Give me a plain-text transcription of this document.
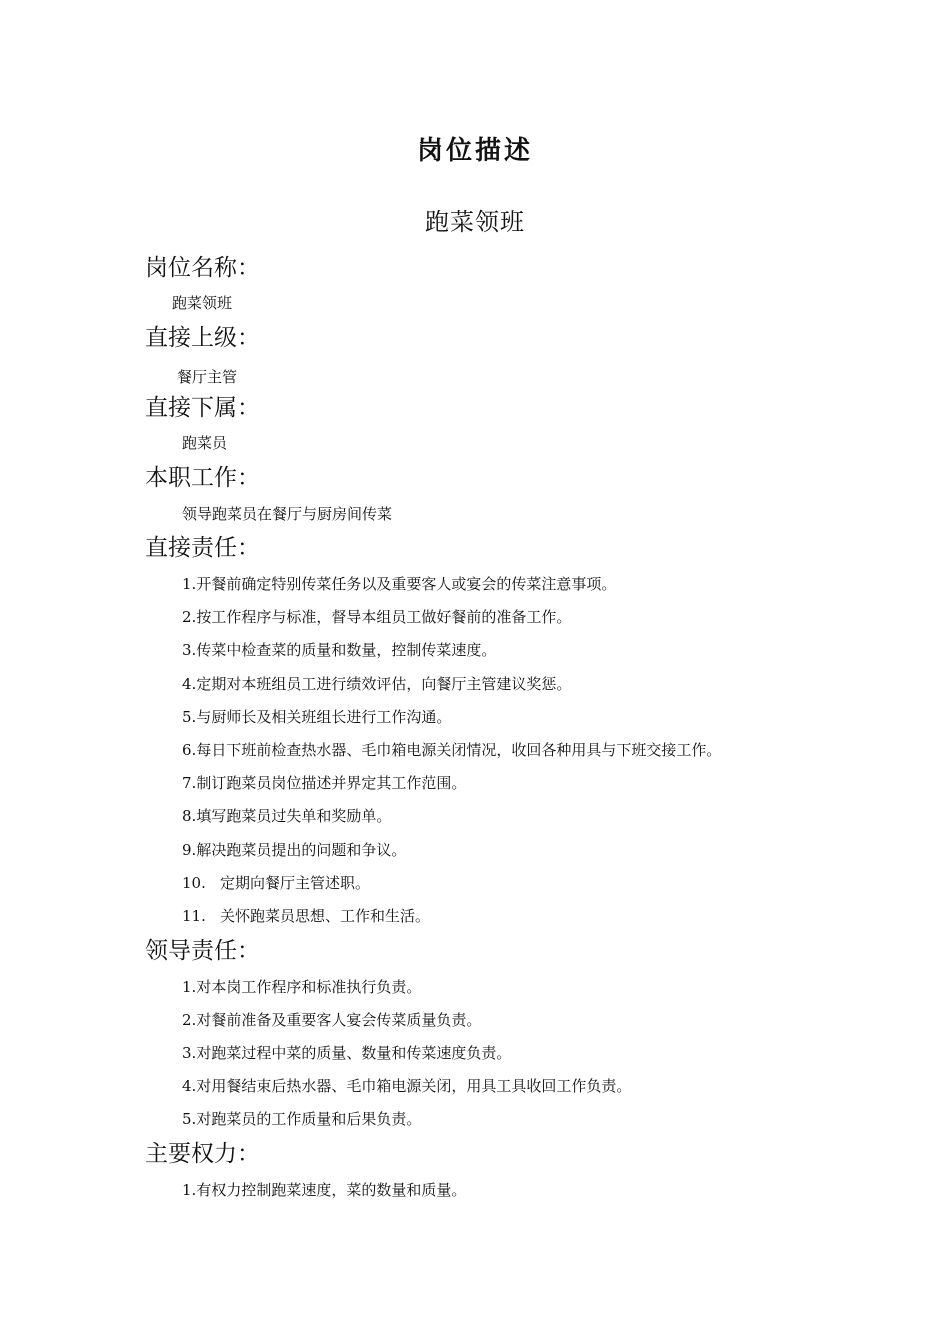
岗位描述
跑菜领班
岗位名称：
跑菜领班
直接上级：
餐厅主管
直接下属：
跑菜员
本职工作：
领导跑菜员在餐厅与厨房间传菜
直接责任：
1.开餐前确定特别传菜任务以及重要客人或宴会的传菜注意事项。
2.按工作程序与标准，督导本组员工做好餐前的准备工作。
3.传菜中检查菜的质量和数量，控制传菜速度。
4.定期对本班组员工进行绩效评估，向餐厅主管建议奖惩。
5.与厨师长及相关班组长进行工作沟通。
6.每日下班前检查热水器、毛巾箱电源关闭情况，收回各种用具与下班交接工作。
7.制订跑菜员岗位描述并界定其工作范围。
8.填写跑菜员过失单和奖励单。
9.解决跑菜员提出的问题和争议。
10. 定期向餐厅主管述职。
11. 关怀跑菜员思想、工作和生活。
领导责任：
1.对本岗工作程序和标准执行负责。
2.对餐前准备及重要客人宴会传菜质量负责。
3.对跑菜过程中菜的质量、数量和传菜速度负责。
4.对用餐结束后热水器、毛巾箱电源关闭，用具工具收回工作负责。
5.对跑菜员的工作质量和后果负责。
主要权力：
1.有权力控制跑菜速度，菜的数量和质量。
